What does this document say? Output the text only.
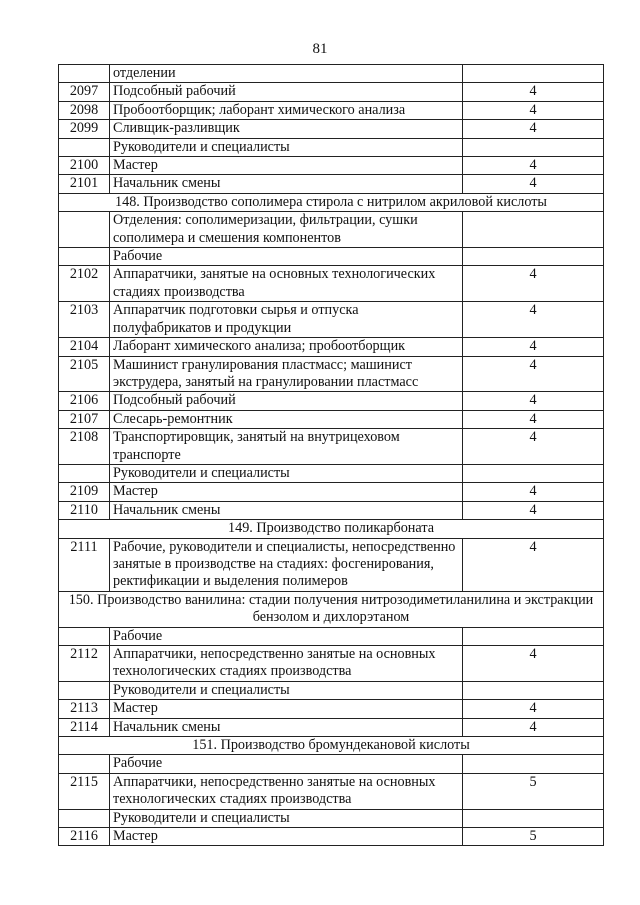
81
	отделении	
2097	Подсобный рабочий	4
2098	Пробоотборщик; лаборант химического анализа	4
2099	Сливщик-разливщик	4
	Руководители и специалисты	
2100	Мастер	4
2101	Начальник смены	4
148. Производство сополимера стирола с нитрилом акриловой кислоты		
	Отделения: сополимеризации, фильтрации, сушки сополимера и смешения компонентов	
	Рабочие	
2102	Аппаратчики, занятые на основных технологических стадиях производства	4
2103	Аппаратчик подготовки сырья и отпуска полуфабрикатов и продукции	4
2104	Лаборант химического анализа; пробоотборщик	4
2105	Машинист гранулирования пластмасс; машинист экструдера, занятый на гранулировании пластмасс	4
2106	Подсобный рабочий	4
2107	Слесарь-ремонтник	4
2108	Транспортировщик, занятый на внутрицеховом транспорте	4
	Руководители и специалисты	
2109	Мастер	4
2110	Начальник смены	4
149. Производство поликарбоната		
2111	Рабочие, руководители и специалисты, непосредственно занятые в производстве на стадиях: фосгенирования, ректификации и выделения полимеров	4
150. Производство ванилина: стадии получения нитрозодиметиланилина и экстракции бензолом и дихлорэтаном		
	Рабочие	
2112	Аппаратчики, непосредственно занятые на основных технологических стадиях производства	4
	Руководители и специалисты	
2113	Мастер	4
2114	Начальник смены	4
151. Производство бромундекановой кислоты		
	Рабочие	
2115	Аппаратчики, непосредственно занятые на основных технологических стадиях производства	5
	Руководители и специалисты	
2116	Мастер	5
